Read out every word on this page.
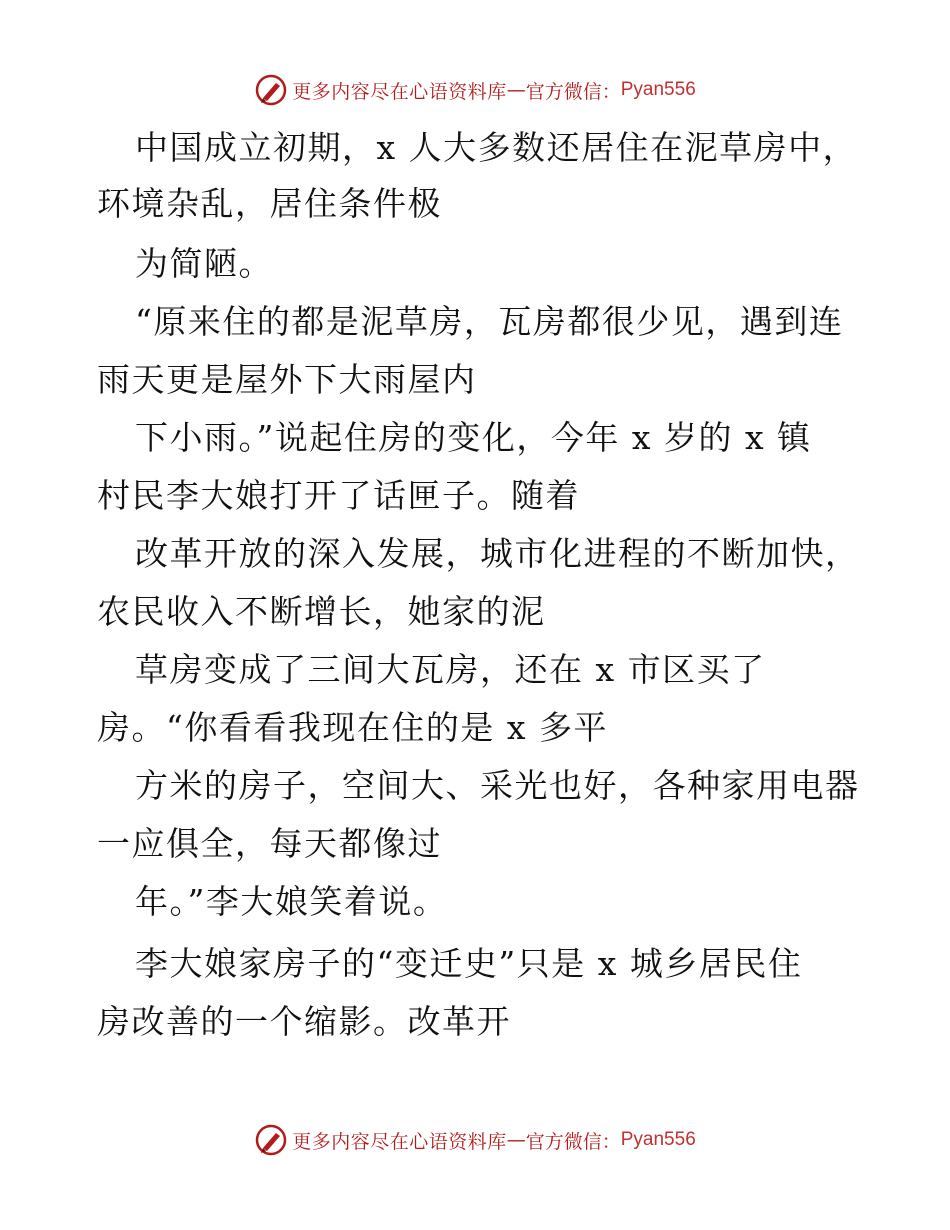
更多内容尽在心语资料库 — 官方微信： Pyan556
中国成立初期，x 人大多数还居住在泥草房中，
环境杂乱，居住条件极
为简陋。
“原来住的都是泥草房，瓦房都很少见，遇到连
雨天更是屋外下大雨屋内
下小雨。”说起住房的变化，今年 x 岁的 x 镇
村民李大娘打开了话匣子。随着
改革开放的深入发展，城市化进程的不断加快，
农民收入不断增长，她家的泥
草房变成了三间大瓦房，还在 x 市区买了
房。“你看看我现在住的是 x 多平
方米的房子，空间大、采光也好，各种家用电器
一应俱全，每天都像过
年。”李大娘笑着说。
李大娘家房子的“变迁史”只是 x 城乡居民住
房改善的一个缩影。改革开
更多内容尽在心语资料库 — 官方微信： Pyan556
